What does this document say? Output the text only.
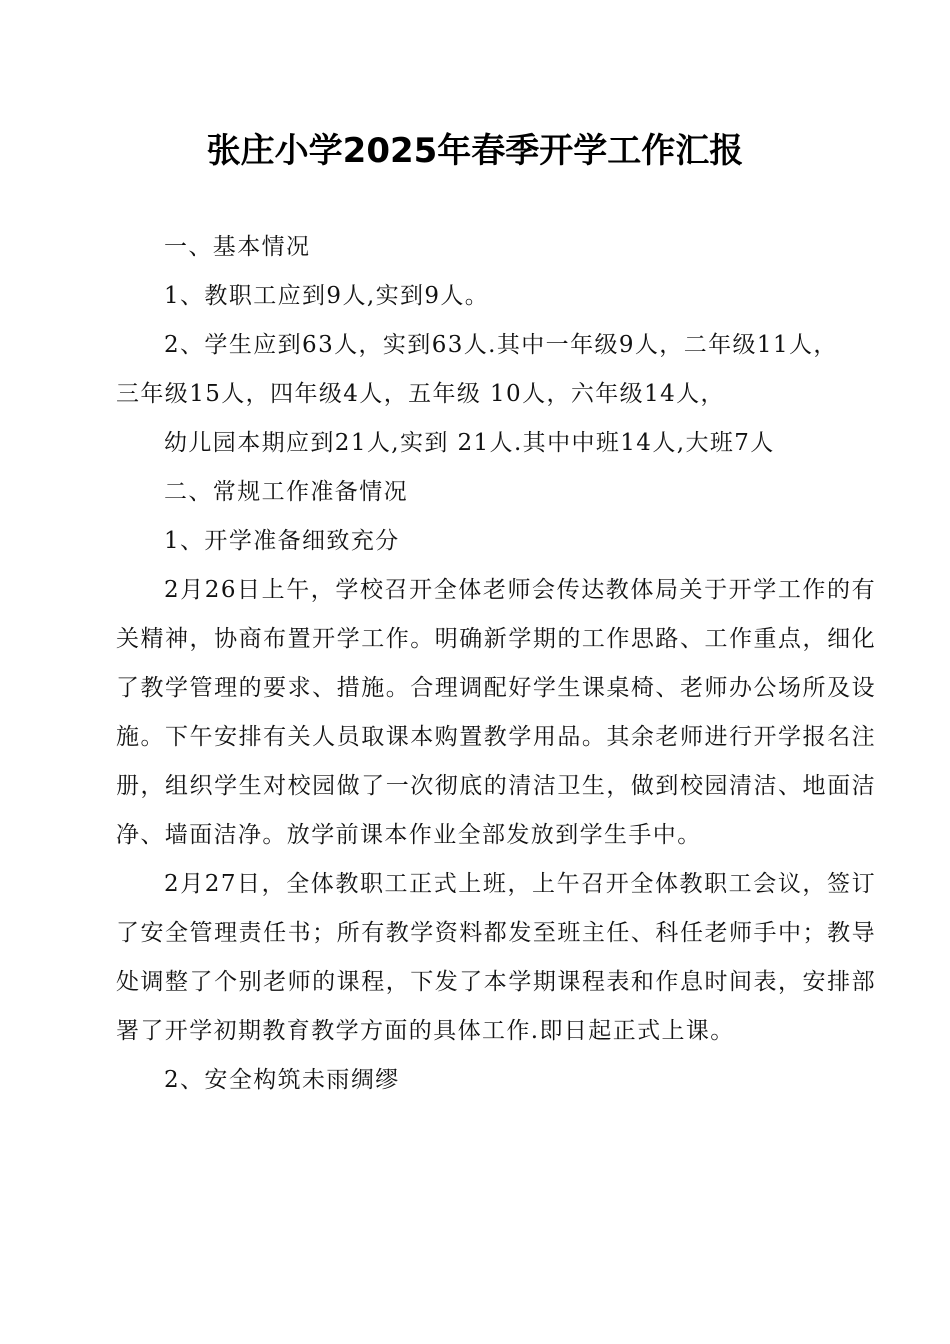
张庄小学2025年春季开学工作汇报

一、基本情况

1、教职工应到9人,实到9人。

2、学生应到63人，实到63人.其中一年级9人，二年级11人，

三年级15人，四年级4人，五年级 10人，六年级14人，

幼儿园本期应到21人,实到 21人.其中中班14人,大班7人

二、常规工作准备情况

1、开学准备细致充分

2月26日上午，学校召开全体老师会传达教体局关于开学工作的有关精神，协商布置开学工作。明确新学期的工作思路、工作重点，细化了教学管理的要求、措施。合理调配好学生课桌椅、老师办公场所及设施。下午安排有关人员取课本购置教学用品。其余老师进行开学报名注册，组织学生对校园做了一次彻底的清洁卫生，做到校园清洁、地面洁净、墙面洁净。放学前课本作业全部发放到学生手中。

2月27日，全体教职工正式上班，上午召开全体教职工会议，签订了安全管理责任书；所有教学资料都发至班主任、科任老师手中；教导处调整了个别老师的课程，下发了本学期课程表和作息时间表，安排部署了开学初期教育教学方面的具体工作.即日起正式上课。

2、安全构筑未雨绸缪
